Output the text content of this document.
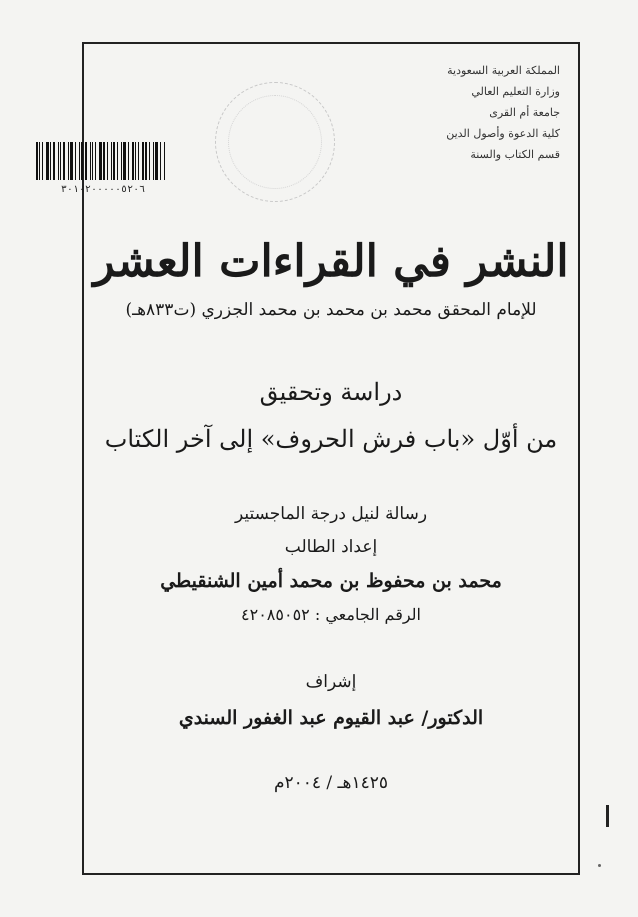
المملكة العربية السعودية
وزارة التعليم العالي
جامعة أم القرى
كلية الدعوة وأصول الدين
قسم الكتاب والسنة
٣٠١٠٢٠٠٠٠٠٥٢٠٦
النشر في القراءات العشر
للإمام المحقق محمد بن محمد بن محمد الجزري (ت٨٣٣هـ)
دراسة وتحقيق
من أوّل «باب فرش الحروف» إلى آخر الكتاب
رسالة لنيل درجة الماجستير
إعداد الطالب
محمد بن محفوظ بن محمد أمين الشنقيطي
الرقم الجامعي : ٤٢٠٨٥٠٥٢
إشراف
الدكتور/ عبد القيوم عبد الغفور السندي
١٤٢٥هـ / ٢٠٠٤م
